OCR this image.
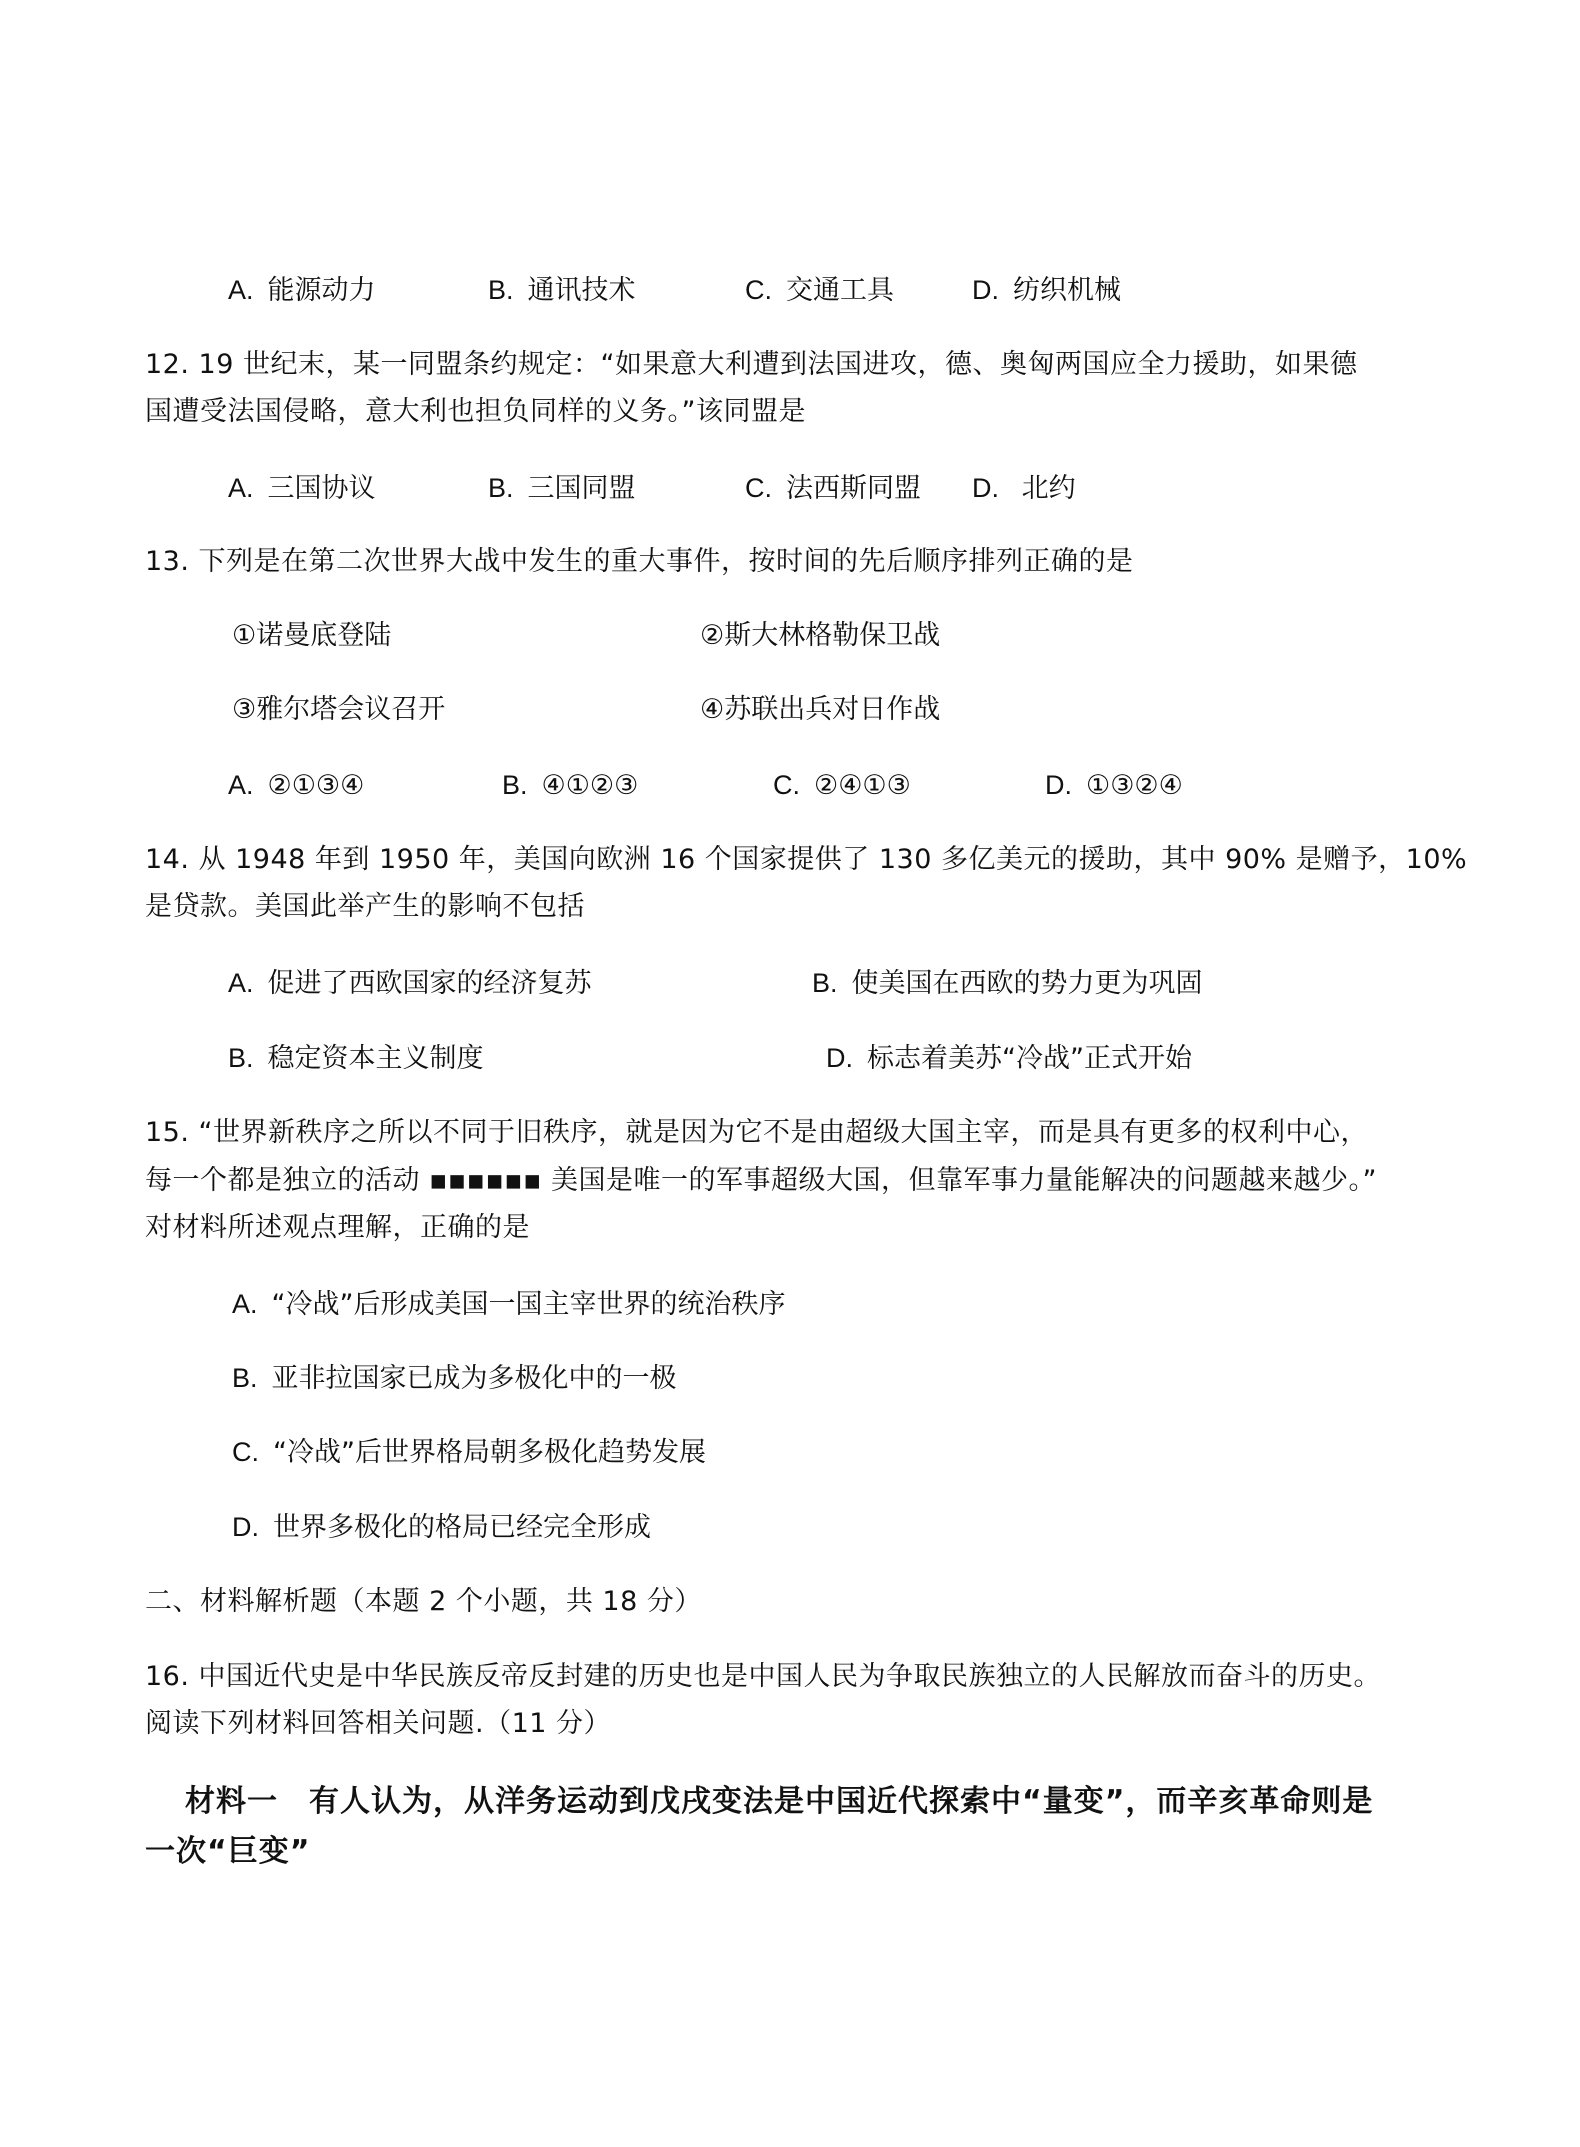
A. 能源动力	B. 通讯技术	C. 交通工具	D. 纺织机械
12. 19 世纪末，某一同盟条约规定：“如果意大利遭到法国进攻，德、奥匈两国应全力援助，如果德
国遭受法国侵略，意大利也担负同样的义务。”该同盟是
A. 三国协议	B. 三国同盟	C. 法西斯同盟 D. 北约
13. 下列是在第二次世界大战中发生的重大事件，按时间的先后顺序排列正确的是
①诺曼底登陆	②斯大林格勒保卫战
③雅尔塔会议召开	④苏联出兵对日作战
A. ②①③④	B. ④①②③	C. ②④①③	D. ①③②④
14. 从 1948 年到 1950 年，美国向欧洲 16 个国家提供了 130 多亿美元的援助，其中 90% 是赠予，10%
是贷款。美国此举产生的影响不包括
A. 促进了西欧国家的经济复苏	B. 使美国在西欧的势力更为巩固
B. 稳定资本主义制度	D. 标志着美苏“冷战”正式开始
15. “世界新秩序之所以不同于旧秩序，就是因为它不是由超级大国主宰，而是具有更多的权利中心，
每一个都是独立的活动 ▪▪▪▪▪▪ 美国是唯一的军事超级大国，但靠军事力量能解决的问题越来越少。”
对材料所述观点理解，正确的是
A. “冷战”后形成美国一国主宰世界的统治秩序
B. 亚非拉国家已成为多极化中的一极
C. “冷战”后世界格局朝多极化趋势发展
D. 世界多极化的格局已经完全形成
二、材料解析题（本题 2 个小题，共 18 分）
16. 中国近代史是中华民族反帝反封建的历史也是中国人民为争取民族独立的人民解放而奋斗的历史。
阅读下列材料回答相关问题.（11 分）
材料一　有人认为，从洋务运动到戊戌变法是中国近代探索中“量变”，而辛亥革命则是
一次“巨变”
